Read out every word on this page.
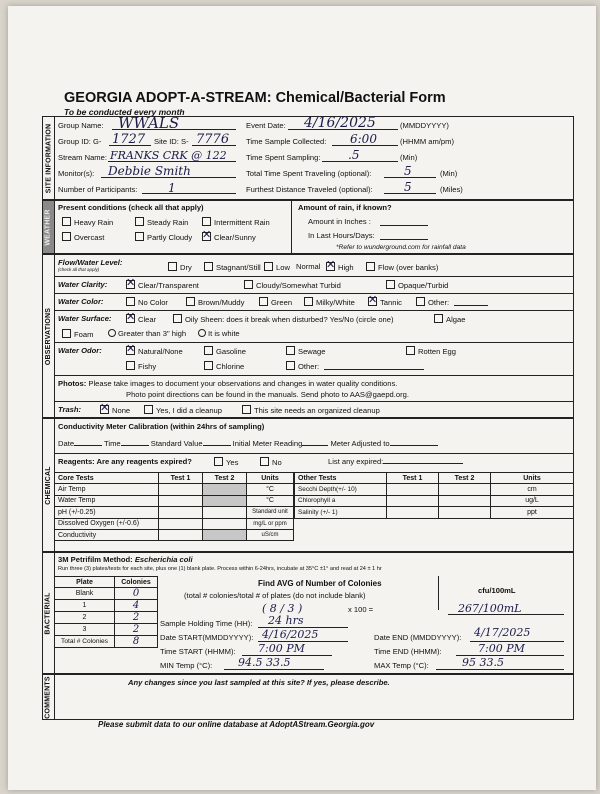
GEORGIA ADOPT-A-STREAM: Chemical/Bacterial Form
To be conducted every month
SITE INFORMATION Group Name: WWALS
Group ID: G- 1727 Site ID: S- 7776
Stream Name: FRANKS CRK @ 122
Monitor(s): Debbie Smith
Number of Participants:	1
Event Date: 4/16/2025	(MMDDYYYY)
Time Sample Collected: 6:00	(HHMM am/pm)
Time Spent Sampling: .5	(Min)
Total Time Spent Traveling (optional):	5	(Min)
Furthest Distance Traveled (optional):	5	(Miles)
WEATHER
Present conditions (check all that apply)
Heavy Rain	Steady Rain	Intermittent Rain
Overcast	Partly Cloudy ✕	Clear/Sunny
Amount of rain, if known?
Amount in Inches :
In Last Hours/Days:
*Refer to wunderground.com for rainfall data
OBSERVATIONS
Flow/Water Level:
(check all that apply)	Dry	Stagnant/Still	Low Normal ✕	High	Flow (over banks)
Water Clarity: ✕	Clear/Transparent	Cloudy/Somewhat Turbid	Opaque/Turbid
Water Color:	No Color	Brown/Muddy	Green	Milky/White ✕	Tannic	Other:
Water Surface: ✕	Clear	Oily Sheen: does it break when disturbed? Yes/No (circle one)	Algae
Foam	Greater than 3" high	It is white
Water Odor: ✕	Natural/None	Gasoline	Sewage	Rotten Egg
Fishy	Chlorine	Other:
Photos: Please take images to document your observations and changes in water quality conditions.
Photo point directions can be found in the manuals. Send photo to AAS@gaepd.org.
Trash: ✕	None	Yes, I did a cleanup	This site needs an organized cleanup
CHEMICAL
Conductivity Meter Calibration (within 24hrs of sampling)
Date	Time	Standard Value	Initial Meter Reading	Meter Adjusted to
Reagents: Are any reagents expired?	Yes	No	List any expired:
Core Tests	Test 1	Test 2	Units
Air Temp			°C
Water Temp			°C
pH (+/-0.25)			Standard unit
Dissolved Oxygen (+/-0.6)			mg/L or ppm
Conductivity			uS/cm
Other Tests	Test 1	Test 2	Units
Secchi Depth(+/- 10)			cm
Chlorophyll a			ug/L
Salinity (+/- 1)			ppt
BACTERIAL
3M Petrifilm Method: Escherichia coli
Run three (3) plates/tests for each site, plus one (1) blank plate. Process within 6-24hrs, incubate at 35°C ±1° and read at 24 ± 1 hr
Plate	Colonies
Blank	0
1	4
2	2
3	2
Total # Colonies	8
Find AVG of Number of Colonies
(total # colonies/total # of plates (do not include blank)
( 8 / 3 )	x 100 =
cfu/100mL
267/100mL
Sample Holding Time (HH): 24 hrs
Date START(MMDDYYYY): 4/16/2025
Time START (HHMM): 7:00 PM
MIN Temp (°C): 94.5 33.5
Date END (MMDDYYYY): 4/17/2025
Time END (HHMM):	7:00 PM
MAX Temp (°C):	95 33.5
COMMENTS	Any changes since you last sampled at this site? If yes, please describe.
Please submit data to our online database at AdoptAStream.Georgia.gov
